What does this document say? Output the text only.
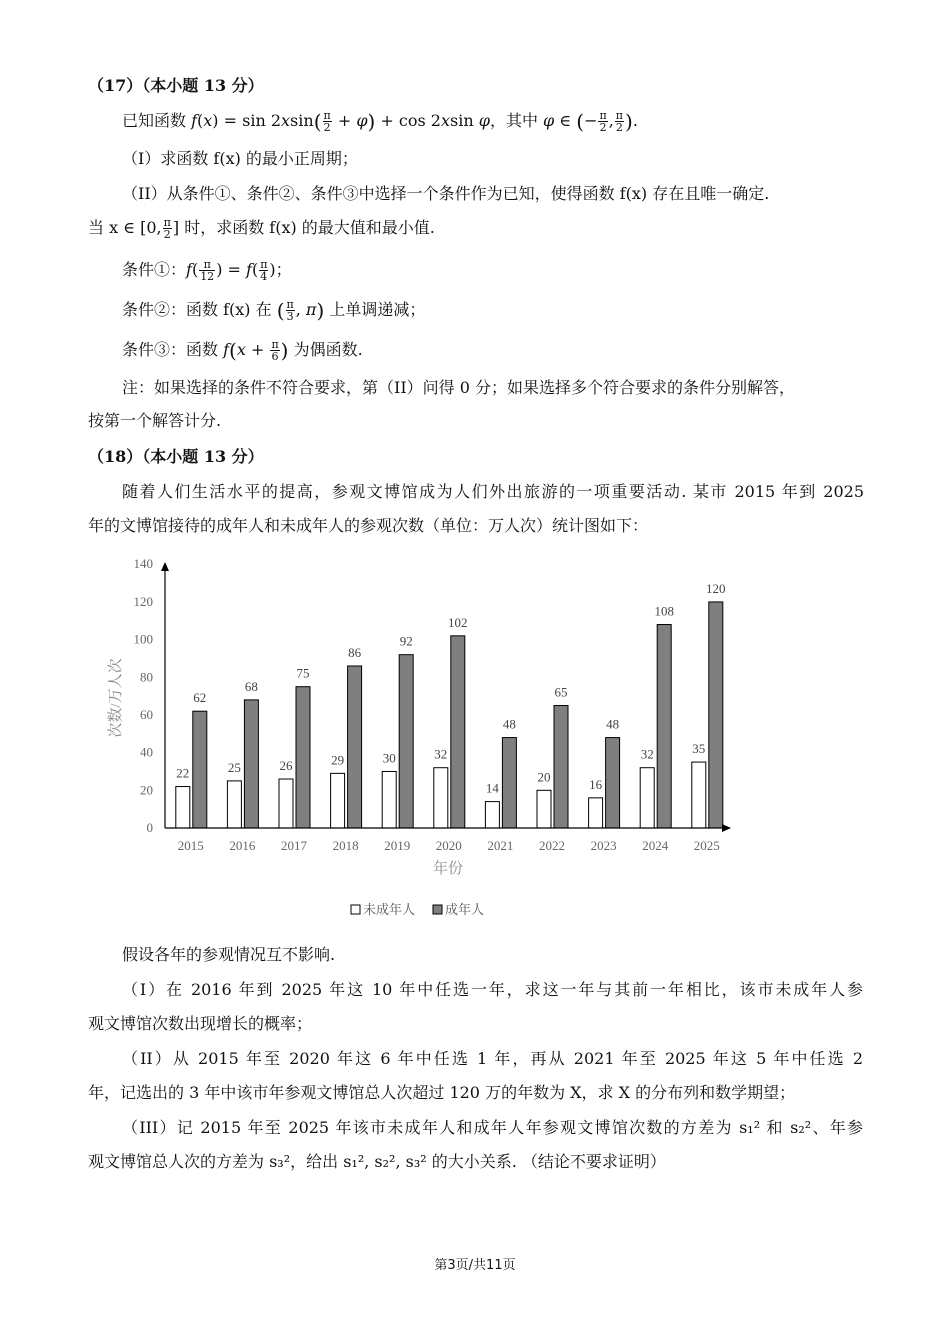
（17）（本小题 13 分）
已知函数 $f(x) = \sin 2xsin( \frac{\pi}{2} + \varphi) + \cos 2xsin$ φ，其中 φ ∈ (− $\frac{\pi}{2}$ , $\frac{\pi}{2}$ ).
（I）求函数 f(x) 的最小正周期；
（II）从条件①、条件②、条件③中选择一个条件作为已知，使得函数 f(x) 存在且唯一确定.
当 x ∈ [0, $\frac{\pi}{2}$ ] 时，求函数 f(x) 的最大值和最小值.
条件①：$f( \frac{\pi}{12}$ ) = $f( \frac{\pi}{4}$ )；
条件②：函数 f(x) 在 ( $\frac{\pi}{3}$ , π) 上单调递减；
条件③：函数 $f(x + \frac{\pi}{6}$ ) 为偶函数.
注：如果选择的条件不符合要求，第（II）问得 0 分；如果选择多个符合要求的条件分别解答，
按第一个解答计分.
（18）（本小题 13 分）
随着人们生活水平的提高，参观文博馆成为人们外出旅游的一项重要活动. 某市 2015 年到 2025
年的文博馆接待的成年人和未成年人的参观次数（单位：万人次）统计图如下：
0
20
40
60
80
100
120
140
22
62
25
68
26
75
29
86
30
92
32
102
14
48
20
65
16
48
32
108
35
120
2015 2016 2017 2018 2019 2020 2021 2022 2023 2024 2025
次数/万人次
年份
未成年人 成年人
假设各年的参观情况互不影响.
（I）在 2016 年到 2025 年这 10 年中任选一年，求这一年与其前一年相比，该市未成年人参
观文博馆次数出现增长的概率；
（II）从 2015 年至 2020 年这 6 年中任选 1 年，再从 2021 年至 2025 年这 5 年中任选 2
年，记选出的 3 年中该市年参观文博馆总人次超过 120 万的年数为 X，求 X 的分布列和数学期望；
（III）记 2015 年至 2025 年该市未成年人和成年人年参观文博馆次数的方差为 s₁² 和 s₂²、年参
观文博馆总人次的方差为 s₃²，给出 s₁², s₂², s₃² 的大小关系. （结论不要求证明）
第3页/共11页
